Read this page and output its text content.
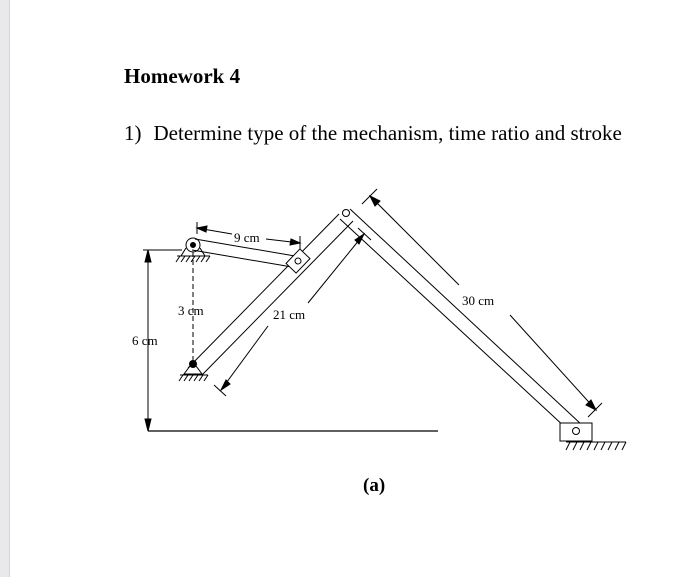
Homework 4
1) Determine type of the mechanism, time ratio and stroke
9 cm
3 cm
6 cm
21 cm
30 cm
(a)
